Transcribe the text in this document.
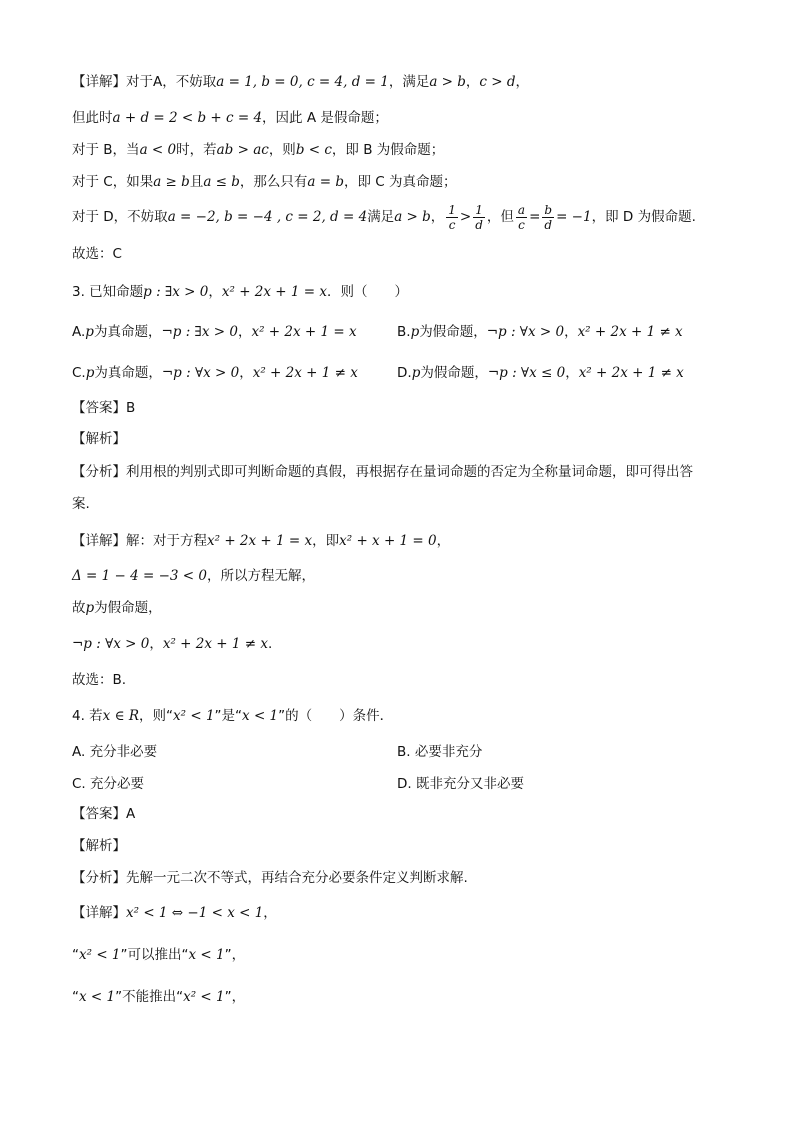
【详解】对于A，不妨取a = 1, b = 0, c = 4, d = 1，满足a > b，c > d，
但此时a + d = 2 < b + c = 4，因此 A 是假命题；
对于 B，当a < 0时，若ab > ac，则b < c，即 B 为假命题；
对于 C，如果a ≥ b且a ≤ b，那么只有a = b，即 C 为真命题；
对于 D，不妨取a = −2, b = −4 , c = 2, d = 4满足a > b， $\frac{1}{c} > \frac{1}{d}$ ，但 $\frac{a}{c} = \frac{b}{d} = -1$，即 D 为假命题.
故选：C
3. 已知命题p : ∃x > 0，x² + 2x + 1 = x．则（　　）
A.p为真命题，¬p : ∃x > 0，x² + 2x + 1 = x	B.p为假命题，¬p : ∀x > 0，x² + 2x + 1 ≠ x
C.p为真命题，¬p : ∀x > 0，x² + 2x + 1 ≠ x	D.p为假命题，¬p : ∀x ≤ 0，x² + 2x + 1 ≠ x
【答案】B
【解析】
【分析】利用根的判别式即可判断命题的真假，再根据存在量词命题的否定为全称量词命题，即可得出答
案.
【详解】解：对于方程x² + 2x + 1 = x，即x² + x + 1 = 0，
Δ = 1 − 4 = −3 < 0，所以方程无解，
故p为假命题，
¬p : ∀x > 0，x² + 2x + 1 ≠ x.
故选：B.
4. 若x ∈ R，则“x² < 1”是“x < 1”的（　　）条件．
A. 充分非必要	B. 必要非充分
C. 充分必要	D. 既非充分又非必要
【答案】A
【解析】
【分析】先解一元二次不等式，再结合充分必要条件定义判断求解.
【详解】x² < 1 ⇔ −1 < x < 1，
“x² < 1”可以推出“x < 1”，
“x < 1”不能推出“x² < 1”，
